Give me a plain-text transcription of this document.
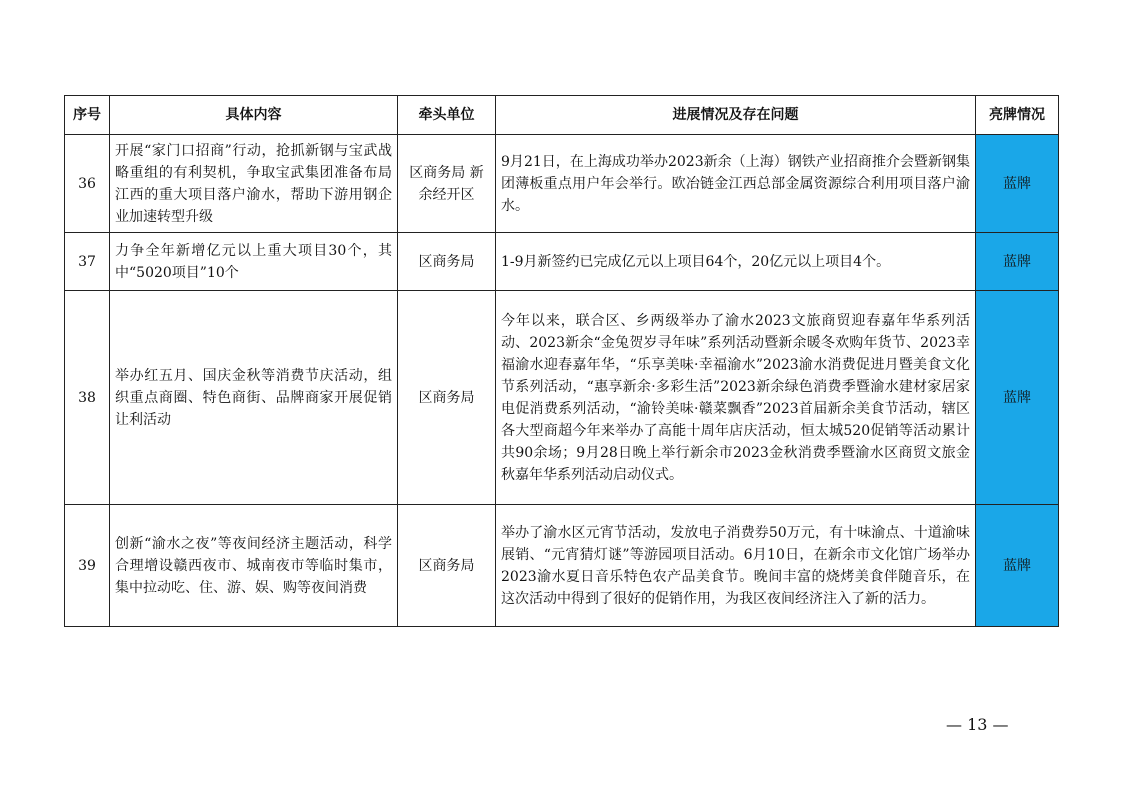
序号	具体内容	牵头单位	进展情况及存在问题	亮牌情况
36	开展“家门口招商”行动，抢抓新钢与宝武战略重组的有利契机，争取宝武集团准备布局江西的重大项目落户渝水，帮助下游用钢企业加速转型升级	区商务局 新余经开区	9月21日，在上海成功举办2023新余（上海）钢铁产业招商推介会暨新钢集团薄板重点用户年会举行。欧冶链金江西总部金属资源综合利用项目落户渝水。	蓝牌
37	力争全年新增亿元以上重大项目30个，其中“5020项目”10个	区商务局	1-9月新签约已完成亿元以上项目64个，20亿元以上项目4个。	蓝牌
38	举办红五月、国庆金秋等消费节庆活动，组织重点商圈、特色商街、品牌商家开展促销让利活动	区商务局	今年以来，联合区、乡两级举办了渝水2023文旅商贸迎春嘉年华系列活动、2023新余“金兔贺岁寻年味”系列活动暨新余暖冬欢购年货节、2023幸福渝水迎春嘉年华，“乐享美味·幸福渝水”2023渝水消费促进月暨美食文化节系列活动，“惠享新余·多彩生活”2023新余绿色消费季暨渝水建材家居家电促消费系列活动，“渝铃美味·赣菜飘香”2023首届新余美食节活动，辖区各大型商超今年来举办了高能十周年店庆活动，恒太城520促销等活动累计共90余场；9月28日晚上举行新余市2023金秋消费季暨渝水区商贸文旅金秋嘉年华系列活动启动仪式。	蓝牌
39	创新“渝水之夜”等夜间经济主题活动，科学合理增设赣西夜市、城南夜市等临时集市，集中拉动吃、住、游、娱、购等夜间消费	区商务局	举办了渝水区元宵节活动，发放电子消费券50万元，有十味渝点、十道渝味展销、“元宵猜灯谜”等游园项目活动。6月10日，在新余市文化馆广场举办2023渝水夏日音乐特色农产品美食节。晚间丰富的烧烤美食伴随音乐，在这次活动中得到了很好的促销作用，为我区夜间经济注入了新的活力。	蓝牌
— 13 —
